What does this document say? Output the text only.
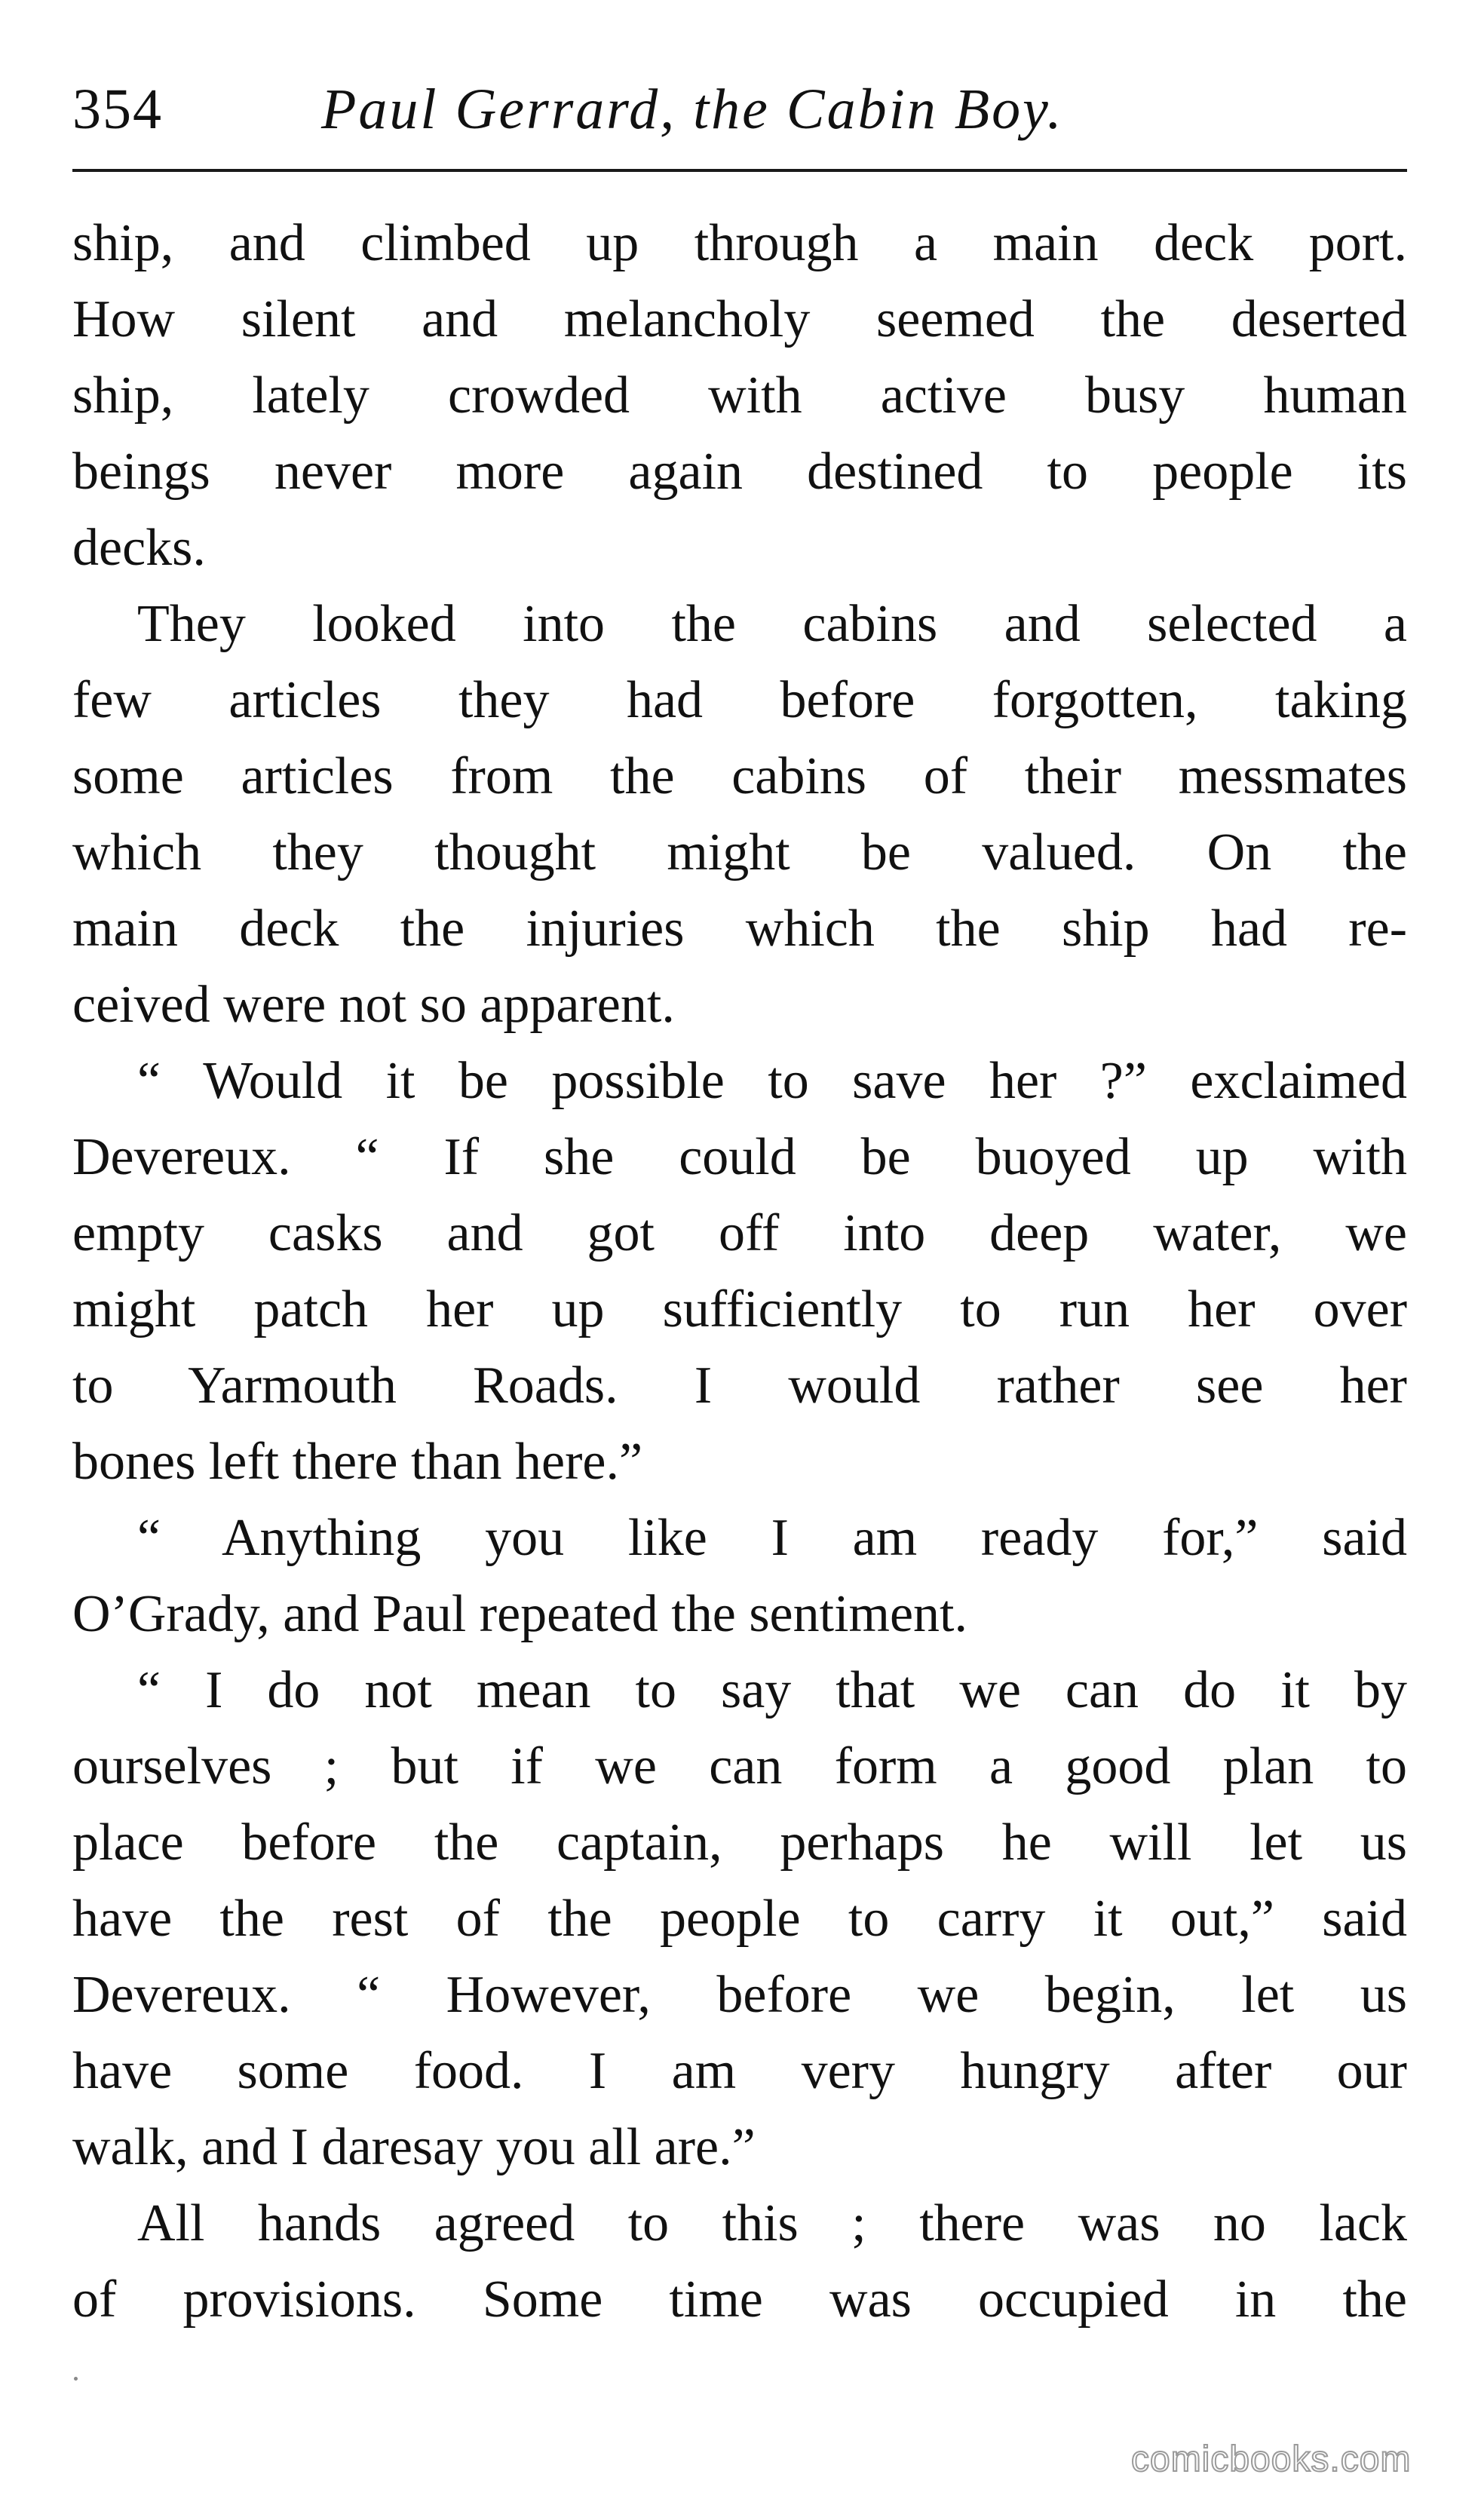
354	Paul Gerrard, the Cabin Boy.
ship, and climbed up through a main deck port.
How silent and melancholy seemed the deserted
ship, lately crowded with active busy human
beings never more again destined to people its
decks.
They looked into the cabins and selected a
few articles they had before forgotten, taking
some articles from the cabins of their messmates
which they thought might be valued. On the
main deck the injuries which the ship had re-
ceived were not so apparent.
“ Would it be possible to save her ?” exclaimed
Devereux. “ If she could be buoyed up with
empty casks and got off into deep water, we
might patch her up sufficiently to run her over
to Yarmouth Roads. I would rather see her
bones left there than here.”
“ Anything you like I am ready for,” said
O’Grady, and Paul repeated the sentiment.
“ I do not mean to say that we can do it by
ourselves ; but if we can form a good plan to
place before the captain, perhaps he will let us
have the rest of the people to carry it out,” said
Devereux. “ However, before we begin, let us
have some food. I am very hungry after our
walk, and I daresay you all are.”
All hands agreed to this ; there was no lack
of provisions. Some time was occupied in the
comicbooks.com
